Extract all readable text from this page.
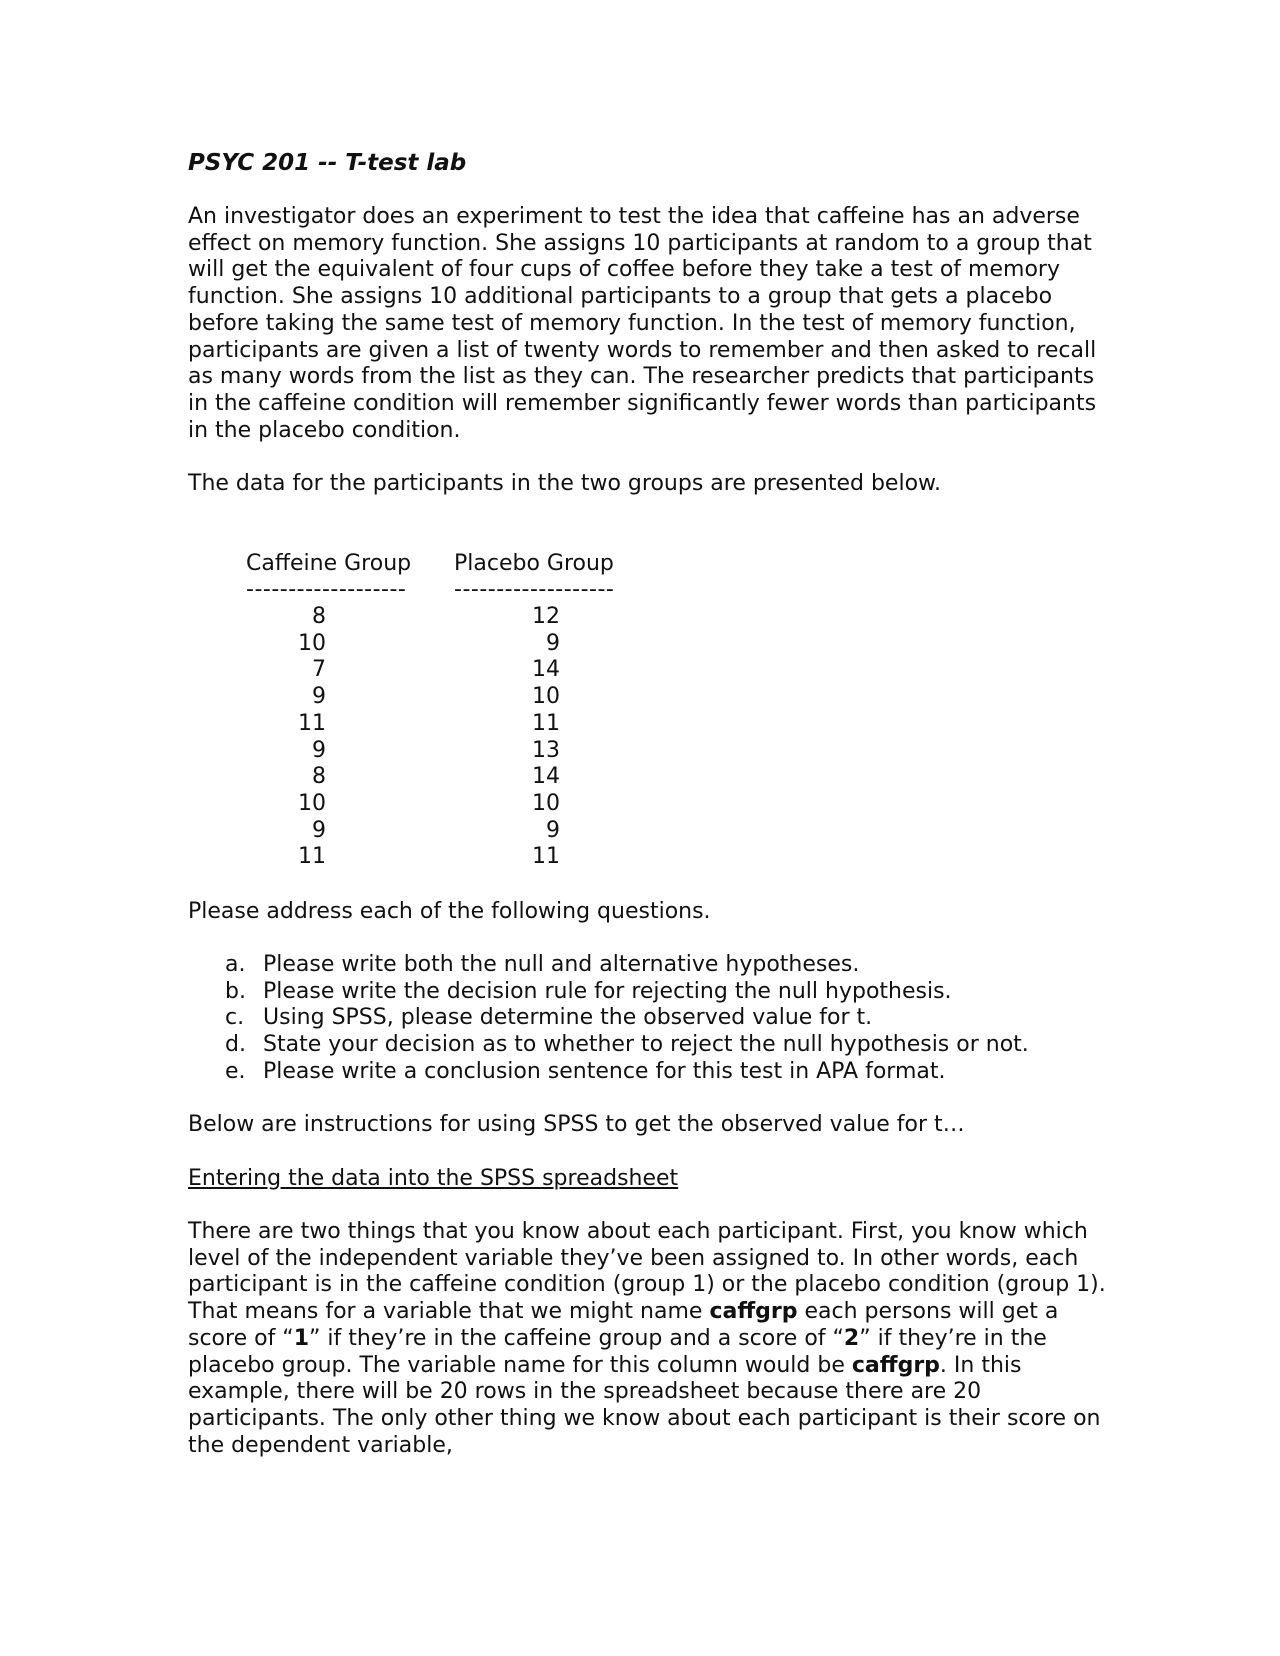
PSYC 201 -- T-test lab

An investigator does an experiment to test the idea that caffeine has an adverse effect on memory function. She assigns 10 participants at random to a group that will get the equivalent of four cups of coffee before they take a test of memory function. She assigns 10 additional participants to a group that gets a placebo before taking the same test of memory function. In the test of memory function, participants are given a list of twenty words to remember and then asked to recall as many words from the list as they can. The researcher predicts that participants in the caffeine condition will remember significantly fewer words than participants in the placebo condition.

The data for the participants in the two groups are presented below.

Caffeine Group
-------------------
8
10
7
9
11
9
8
10
9
11
Placebo Group
-------------------
12
9
14
10
11
13
14
10
9
11

Please address each of the following questions.

a. Please write both the null and alternative hypotheses.
b. Please write the decision rule for rejecting the null hypothesis.
c. Using SPSS, please determine the observed value for t.
d. State your decision as to whether to reject the null hypothesis or not.
e. Please write a conclusion sentence for this test in APA format.

Below are instructions for using SPSS to get the observed value for t…

Entering the data into the SPSS spreadsheet

There are two things that you know about each participant. First, you know which level of the independent variable they’ve been assigned to. In other words, each participant is in the caffeine condition (group 1) or the placebo condition (group 1). That means for a variable that we might name caffgrp each persons will get a score of “1” if they’re in the caffeine group and a score of “2” if they’re in the placebo group. The variable name for this column would be caffgrp. In this example, there will be 20 rows in the spreadsheet because there are 20 participants. The only other thing we know about each participant is their score on the dependent variable,
